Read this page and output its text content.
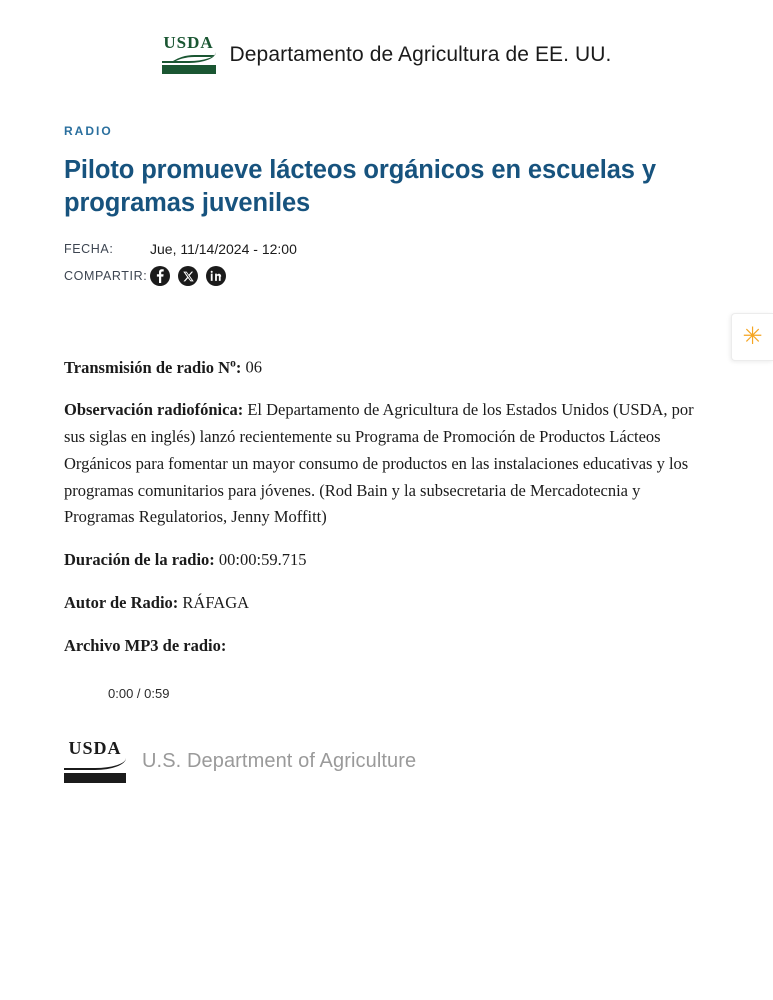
USDA
Departamento de Agricultura de EE. UU.
RADIO
Piloto promueve lácteos orgánicos en escuelas y programas juveniles
FECHA:	Jue, 11/14/2024 - 12:00
COMPARTIR:

Transmisión de radio $N^o$: 06

Observación radiofónica: El Departamento de Agricultura de los Estados Unidos (USDA, por sus siglas en inglés) lanzó recientemente su Programa de Promoción de Productos Lácteos Orgánicos para fomentar un mayor consumo de productos en las instalaciones educativas y los programas comunitarios para jóvenes. (Rod Bain y la subsecretaria de Mercadotecnia y Programas Regulatorios, Jenny Moffitt)

Duración de la radio: 00:00:59.715

Autor de Radio: RÁFAGA

Archivo MP3 de radio:

0:00 / 0:59
USDA
U.S. Department of Agriculture
✳
